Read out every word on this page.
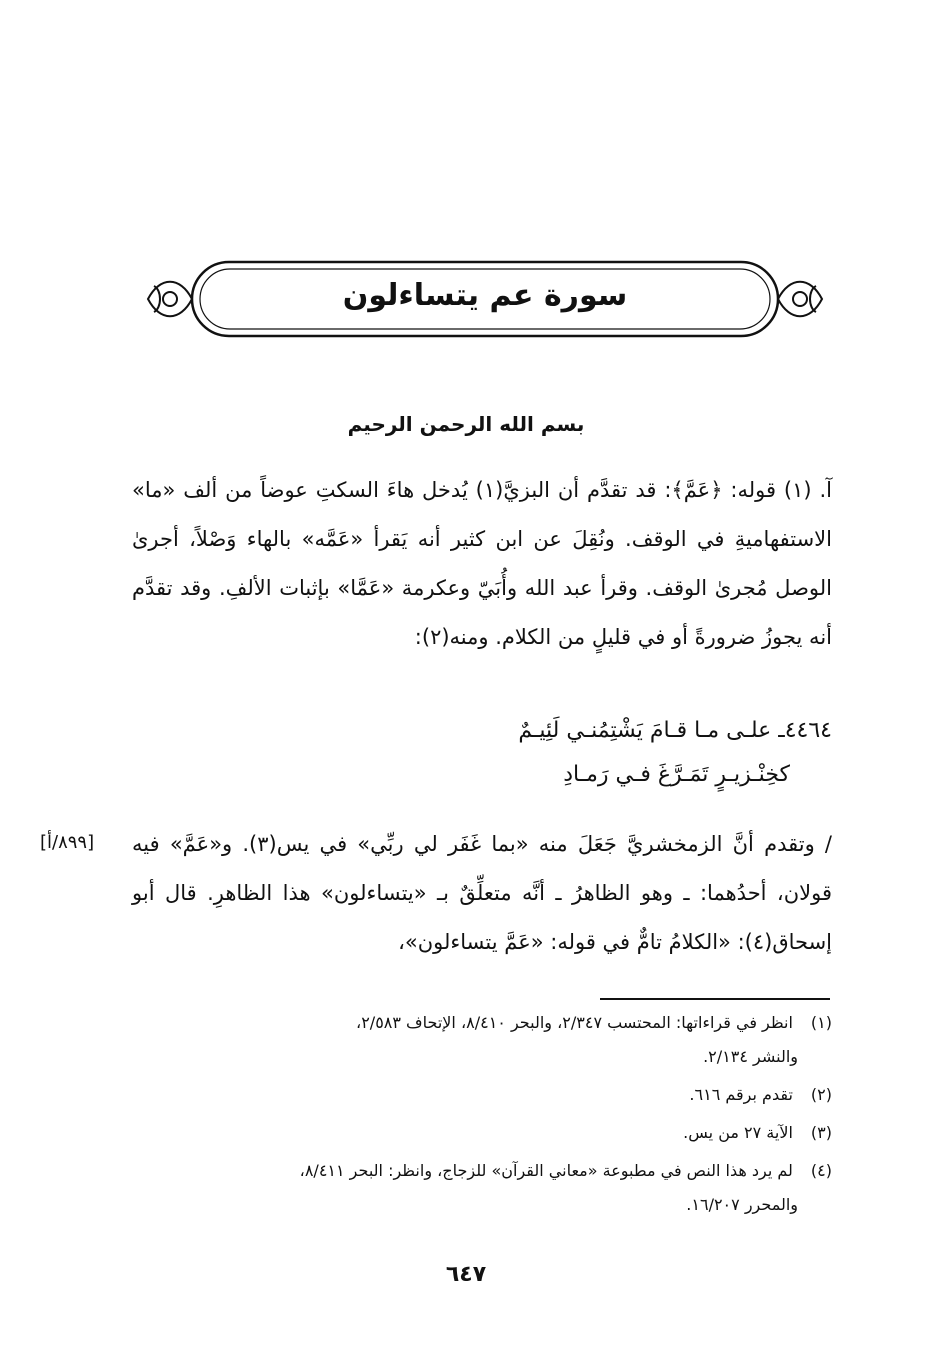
سورة عم يتساءلون
بسم الله الرحمن الرحيم
آ. (١) قوله: ﴿عَمَّ﴾: قد تقدَّم أن البزيَّ(١) يُدخل هاءَ السكتِ عوضاً من ألف «ما» الاستفهاميةِ في الوقف. ونُقِلَ عن ابن كثير أنه يَقرأ «عَمَّه» بالهاء وَصْلاً، أجرىٰ الوصل مُجرىٰ الوقف. وقرأ عبد الله وأُبَيّ وعكرمة «عَمَّا» بإثبات الألفِ. وقد تقدَّم أنه يجوزُ ضرورةً أو في قليلٍ من الكلام. ومنه(٢):
٤٤٦٤ـ علـى مـا قـامَ يَشْتِمُنـي لَئِيـمٌ
كخِنْـزيـرٍ تَمَـرَّغَ فـي رَمـادِ
/ وتقدم أنَّ الزمخشريَّ جَعَلَ منه «بما غَفَر لي ربِّي» في يس(٣). و«عَمَّ» فيه قولان، أحدُهما: ـ وهو الظاهرُ ـ أنَّه متعلِّقٌ بـ «يتساءلون» هذا الظاهرِ. قال أبو إسحاق(٤): «الكلامُ تامٌّ في قوله: «عَمَّ يتساءلون»،
[٨٩٩/أ]
(١) انظر في قراءاتها: المحتسب ٢/٣٤٧، والبحر ٨/٤١٠، الإتحاف ٢/٥٨٣،
والنشر ٢/١٣٤.
(٢) تقدم برقم ٦١٦.
(٣) الآية ٢٧ من يس.
(٤) لم يرد هذا النص في مطبوعة «معاني القرآن» للزجاج، وانظر: البحر ٨/٤١١،
والمحرر ١٦/٢٠٧.
٦٤٧
